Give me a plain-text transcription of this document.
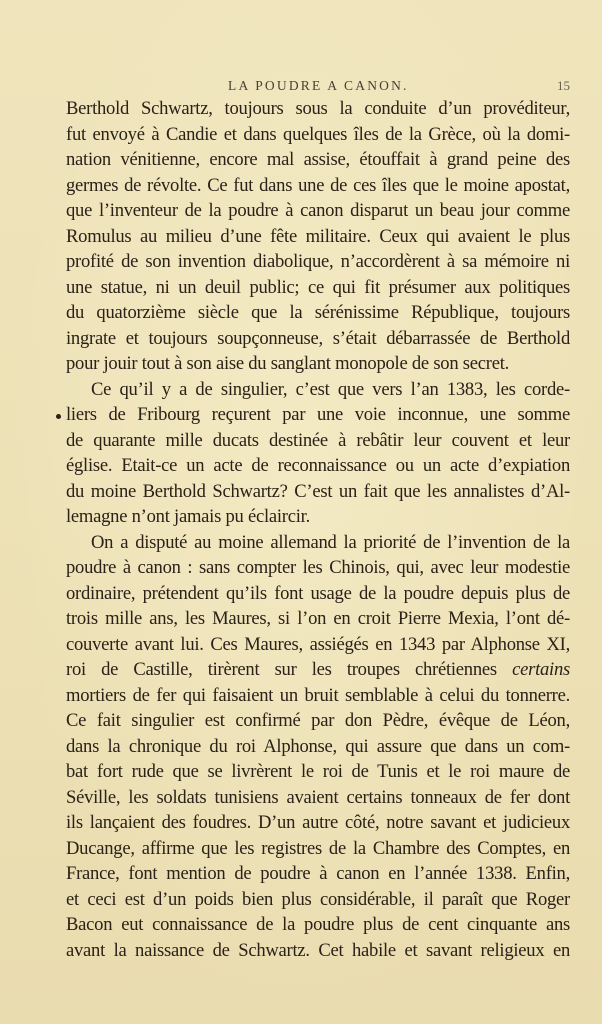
LA POUDRE A CANON.	15
Berthold Schwartz, toujours sous la conduite d’un provéditeur,
fut envoyé à Candie et dans quelques îles de la Grèce, où la domi-
nation vénitienne, encore mal assise, étouffait à grand peine des
germes de révolte. Ce fut dans une de ces îles que le moine apostat,
que l’inventeur de la poudre à canon disparut un beau jour comme
Romulus au milieu d’une fête militaire. Ceux qui avaient le plus
profité de son invention diabolique, n’accordèrent à sa mémoire ni
une statue, ni un deuil public; ce qui fit présumer aux politiques
du quatorzième siècle que la sérénissime République, toujours
ingrate et toujours soupçonneuse, s’était débarrassée de Berthold
pour jouir tout à son aise du sanglant monopole de son secret.
Ce qu’il y a de singulier, c’est que vers l’an 1383, les corde-
liers de Fribourg reçurent par une voie inconnue, une somme
de quarante mille ducats destinée à rebâtir leur couvent et leur
église. Etait-ce un acte de reconnaissance ou un acte d’expiation
du moine Berthold Schwartz? C’est un fait que les annalistes d’Al-
lemagne n’ont jamais pu éclaircir.
On a disputé au moine allemand la priorité de l’invention de la
poudre à canon : sans compter les Chinois, qui, avec leur modestie
ordinaire, prétendent qu’ils font usage de la poudre depuis plus de
trois mille ans, les Maures, si l’on en croit Pierre Mexia, l’ont dé-
couverte avant lui. Ces Maures, assiégés en 1343 par Alphonse XI,
roi de Castille, tirèrent sur les troupes chrétiennes certains
mortiers de fer qui faisaient un bruit semblable à celui du tonnerre.
Ce fait singulier est confirmé par don Pèdre, évêque de Léon,
dans la chronique du roi Alphonse, qui assure que dans un com-
bat fort rude que se livrèrent le roi de Tunis et le roi maure de
Séville, les soldats tunisiens avaient certains tonneaux de fer dont
ils lançaient des foudres. D’un autre côté, notre savant et judicieux
Ducange, affirme que les registres de la Chambre des Comptes, en
France, font mention de poudre à canon en l’année 1338. Enfin,
et ceci est d’un poids bien plus considérable, il paraît que Roger
Bacon eut connaissance de la poudre plus de cent cinquante ans
avant la naissance de Schwartz. Cet habile et savant religieux en
